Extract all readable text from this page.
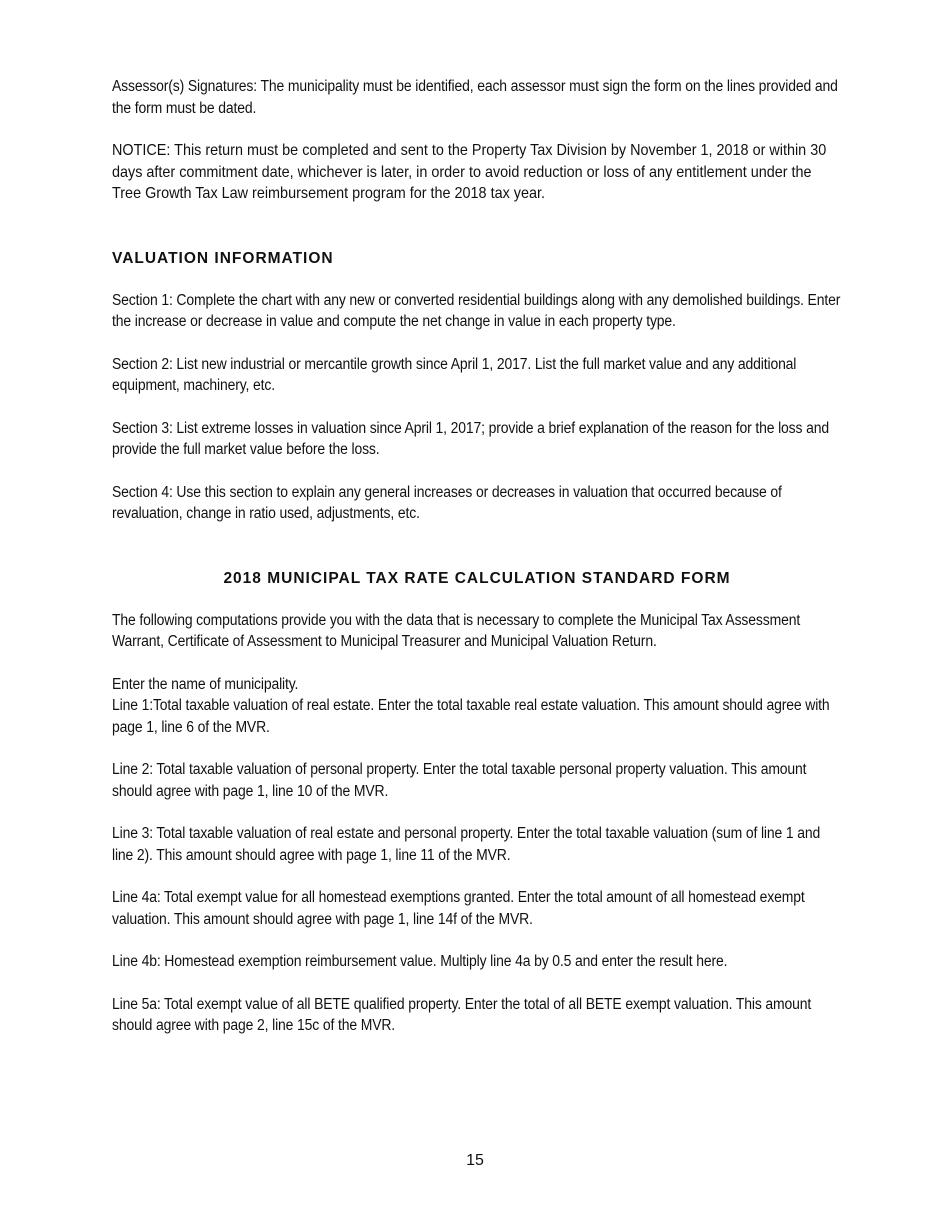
Assessor(s) Signatures: The municipality must be identified, each assessor must sign the form on the lines provided and the form must be dated.

NOTICE: This return must be completed and sent to the Property Tax Division by November 1, 2018 or within 30 days after commitment date, whichever is later, in order to avoid reduction or loss of any entitlement under the Tree Growth Tax Law reimbursement program for the 2018 tax year.

VALUATION INFORMATION

Section 1: Complete the chart with any new or converted residential buildings along with any demolished buildings. Enter the increase or decrease in value and compute the net change in value in each property type.

Section 2: List new industrial or mercantile growth since April 1, 2017. List the full market value and any additional equipment, machinery, etc.

Section 3: List extreme losses in valuation since April 1, 2017; provide a brief explanation of the reason for the loss and provide the full market value before the loss.

Section 4: Use this section to explain any general increases or decreases in valuation that occurred because of revaluation, change in ratio used, adjustments, etc.

2018 MUNICIPAL TAX RATE CALCULATION STANDARD FORM

The following computations provide you with the data that is necessary to complete the Municipal Tax Assessment Warrant, Certificate of Assessment to Municipal Treasurer and Municipal Valuation Return.

Enter the name of municipality.

Line 1:Total taxable valuation of real estate. Enter the total taxable real estate valuation. This amount should agree with page 1, line 6 of the MVR.

Line 2: Total taxable valuation of personal property. Enter the total taxable personal property valuation. This amount should agree with page 1, line 10 of the MVR.

Line 3: Total taxable valuation of real estate and personal property. Enter the total taxable valuation (sum of line 1 and line 2). This amount should agree with page 1, line 11 of the MVR.

Line 4a: Total exempt value for all homestead exemptions granted. Enter the total amount of all homestead exempt valuation. This amount should agree with page 1, line 14f of the MVR.

Line 4b: Homestead exemption reimbursement value. Multiply line 4a by 0.5 and enter the result here.

Line 5a: Total exempt value of all BETE qualified property. Enter the total of all BETE exempt valuation. This amount should agree with page 2, line 15c of the MVR.

15
